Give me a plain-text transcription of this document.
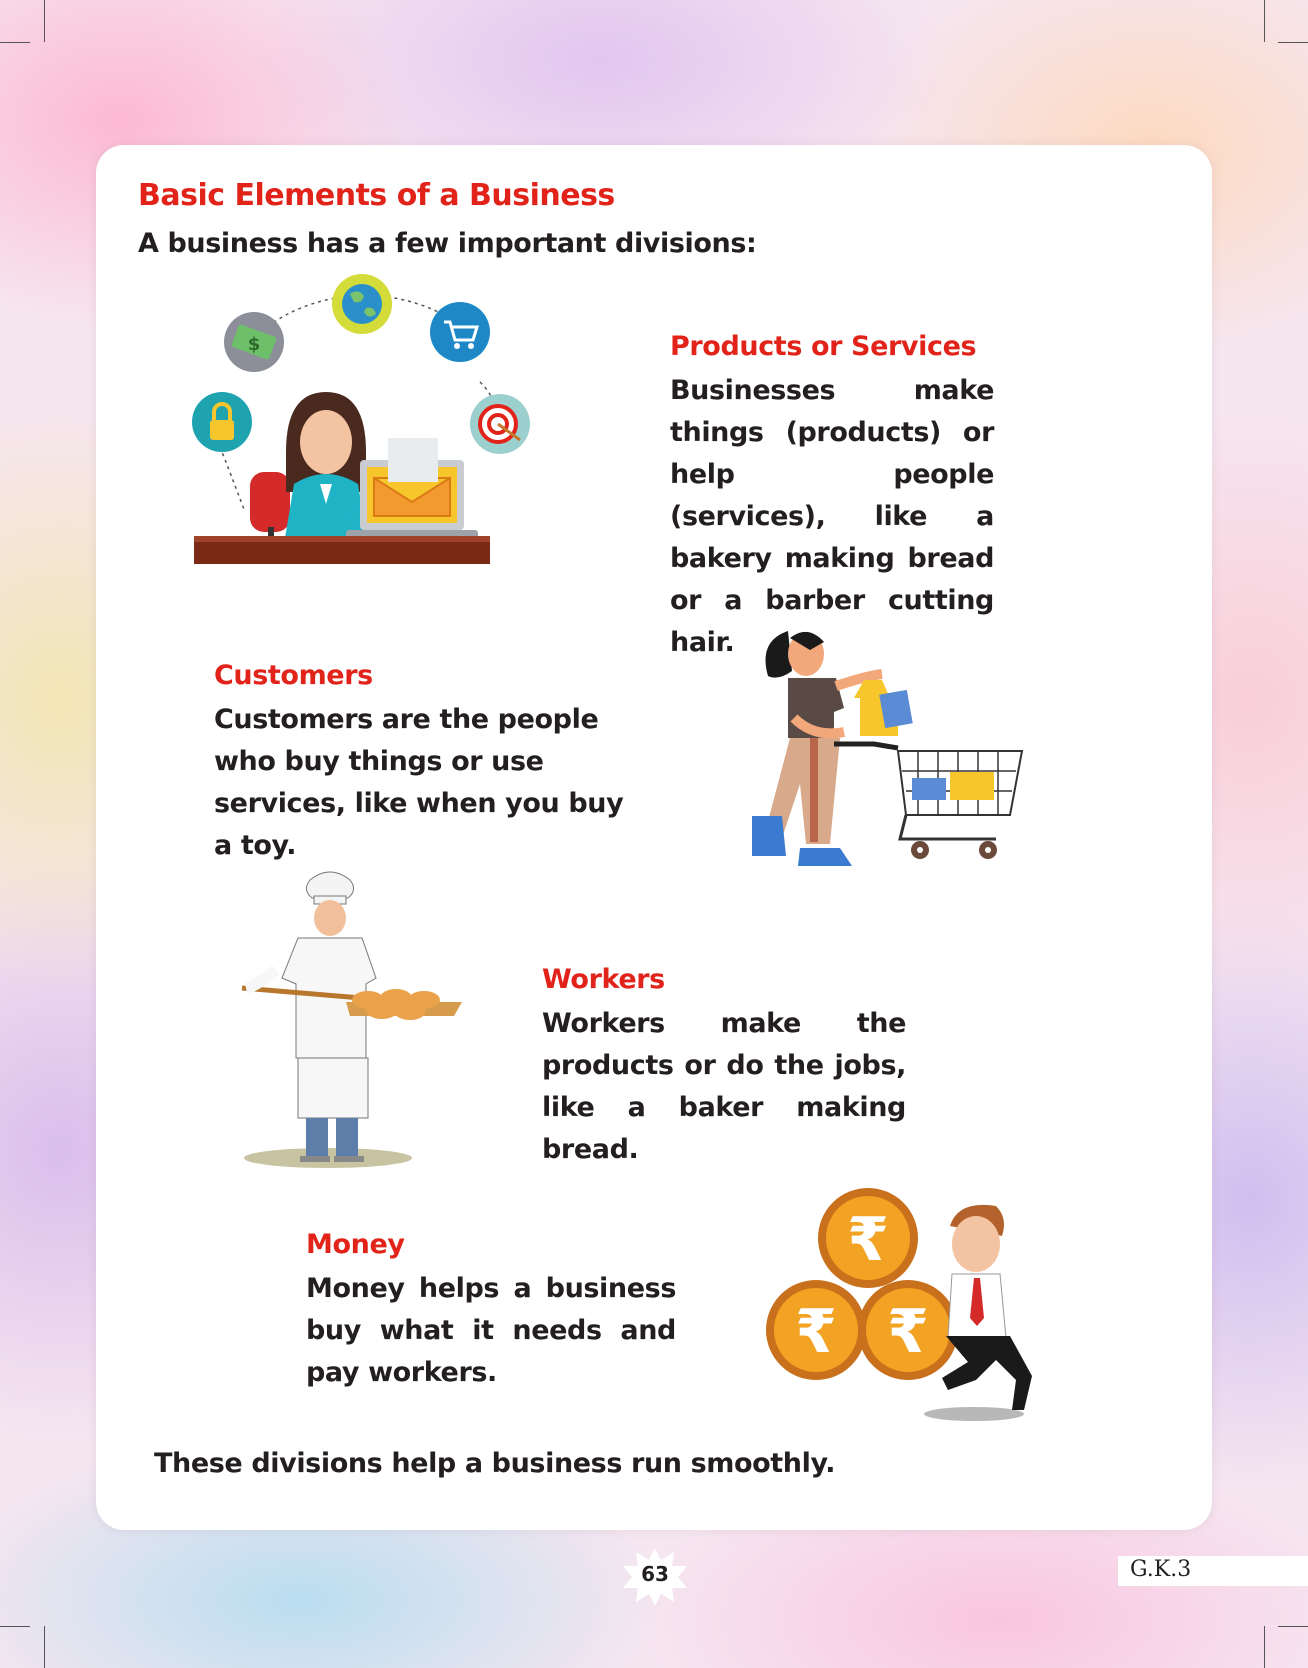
Basic Elements of a Business
A business has a few important divisions:
$	Products or Services

Businesses make things (products) or help people (services), like a bakery making bread or a barber cutting hair.

Customers

Customers are the people who buy things or use services, like when you buy a toy.

Workers

Workers make the products or do the jobs, like a baker making bread.

Money

Money helps a business buy what it needs and pay workers.

₹
₹ ₹
These divisions help a business run smoothly.
63	G.K.3
